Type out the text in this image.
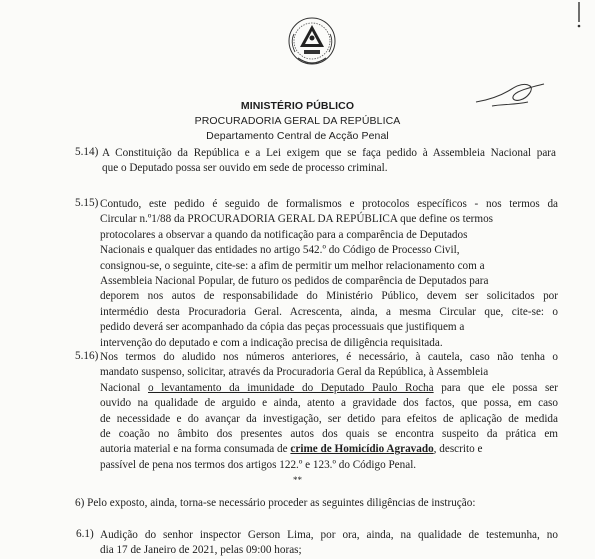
MINISTÉRIO PÚBLICO
PROCURADORIA GERAL DA REPÚBLICA
Departamento Central de Acção Penal
5.14) A Constituição da República e a Lei exigem que se faça pedido à Assembleia Nacional para
que o Deputado possa ser ouvido em sede de processo criminal.
5.15) Contudo, este pedido é seguido de formalismos e protocolos específicos - nos termos da
Circular n.º1/88 da PROCURADORIA GERAL DA REPÚBLICA que define os termos
protocolares a observar a quando da notificação para a comparência de Deputados
Nacionais e qualquer das entidades no artigo 542.º do Código de Processo Civil,
consignou-se, o seguinte, cite-se: a afim de permitir um melhor relacionamento com a
Assembleia Nacional Popular, de futuro os pedidos de comparência de Deputados para
deporem nos autos de responsabilidade do Ministério Público, devem ser solicitados por
intermédio desta Procuradoria Geral. Acrescenta, ainda, a mesma Circular que, cite-se: o
pedido deverá ser acompanhado da cópia das peças processuais que justifiquem a
intervenção do deputado e com a indicação precisa de diligência requisitada.
5.16) Nos termos do aludido nos números anteriores, é necessário, à cautela, caso não tenha o
mandato suspenso, solicitar, através da Procuradoria Geral da República, à Assembleia
Nacional o levantamento da imunidade do Deputado Paulo Rocha para que ele possa ser
ouvido na qualidade de arguido e ainda, atento a gravidade dos factos, que possa, em caso
de necessidade e do avançar da investigação, ser detido para efeitos de aplicação de medida
de coação no âmbito dos presentes autos dos quais se encontra suspeito da prática em
autoria material e na forma consumada de crime de Homicídio Agravado, descrito e
passível de pena nos termos dos artigos 122.º e 123.º do Código Penal.
**
6) Pelo exposto, ainda, torna-se necessário proceder as seguintes diligências de instrução:
6.1) Audição do senhor inspector Gerson Lima, por ora, ainda, na qualidade de testemunha, no
dia 17 de Janeiro de 2021, pelas 09:00 horas;
